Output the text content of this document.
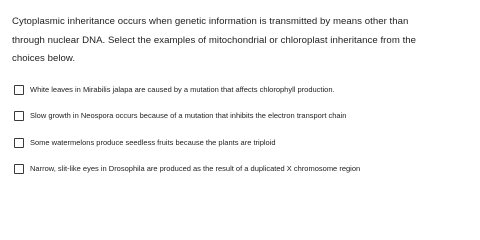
Cytoplasmic inheritance occurs when genetic information is transmitted by means other than
through nuclear DNA. Select the examples of mitochondrial or chloroplast inheritance from the
choices below.

White leaves in Mirabilis jalapa are caused by a mutation that affects chlorophyll production.
Slow growth in Neospora occurs because of a mutation that inhibits the electron transport chain
Some watermelons produce seedless fruits because the plants are triploid
Narrow, slit-like eyes in Drosophila are produced as the result of a duplicated X chromosome region
